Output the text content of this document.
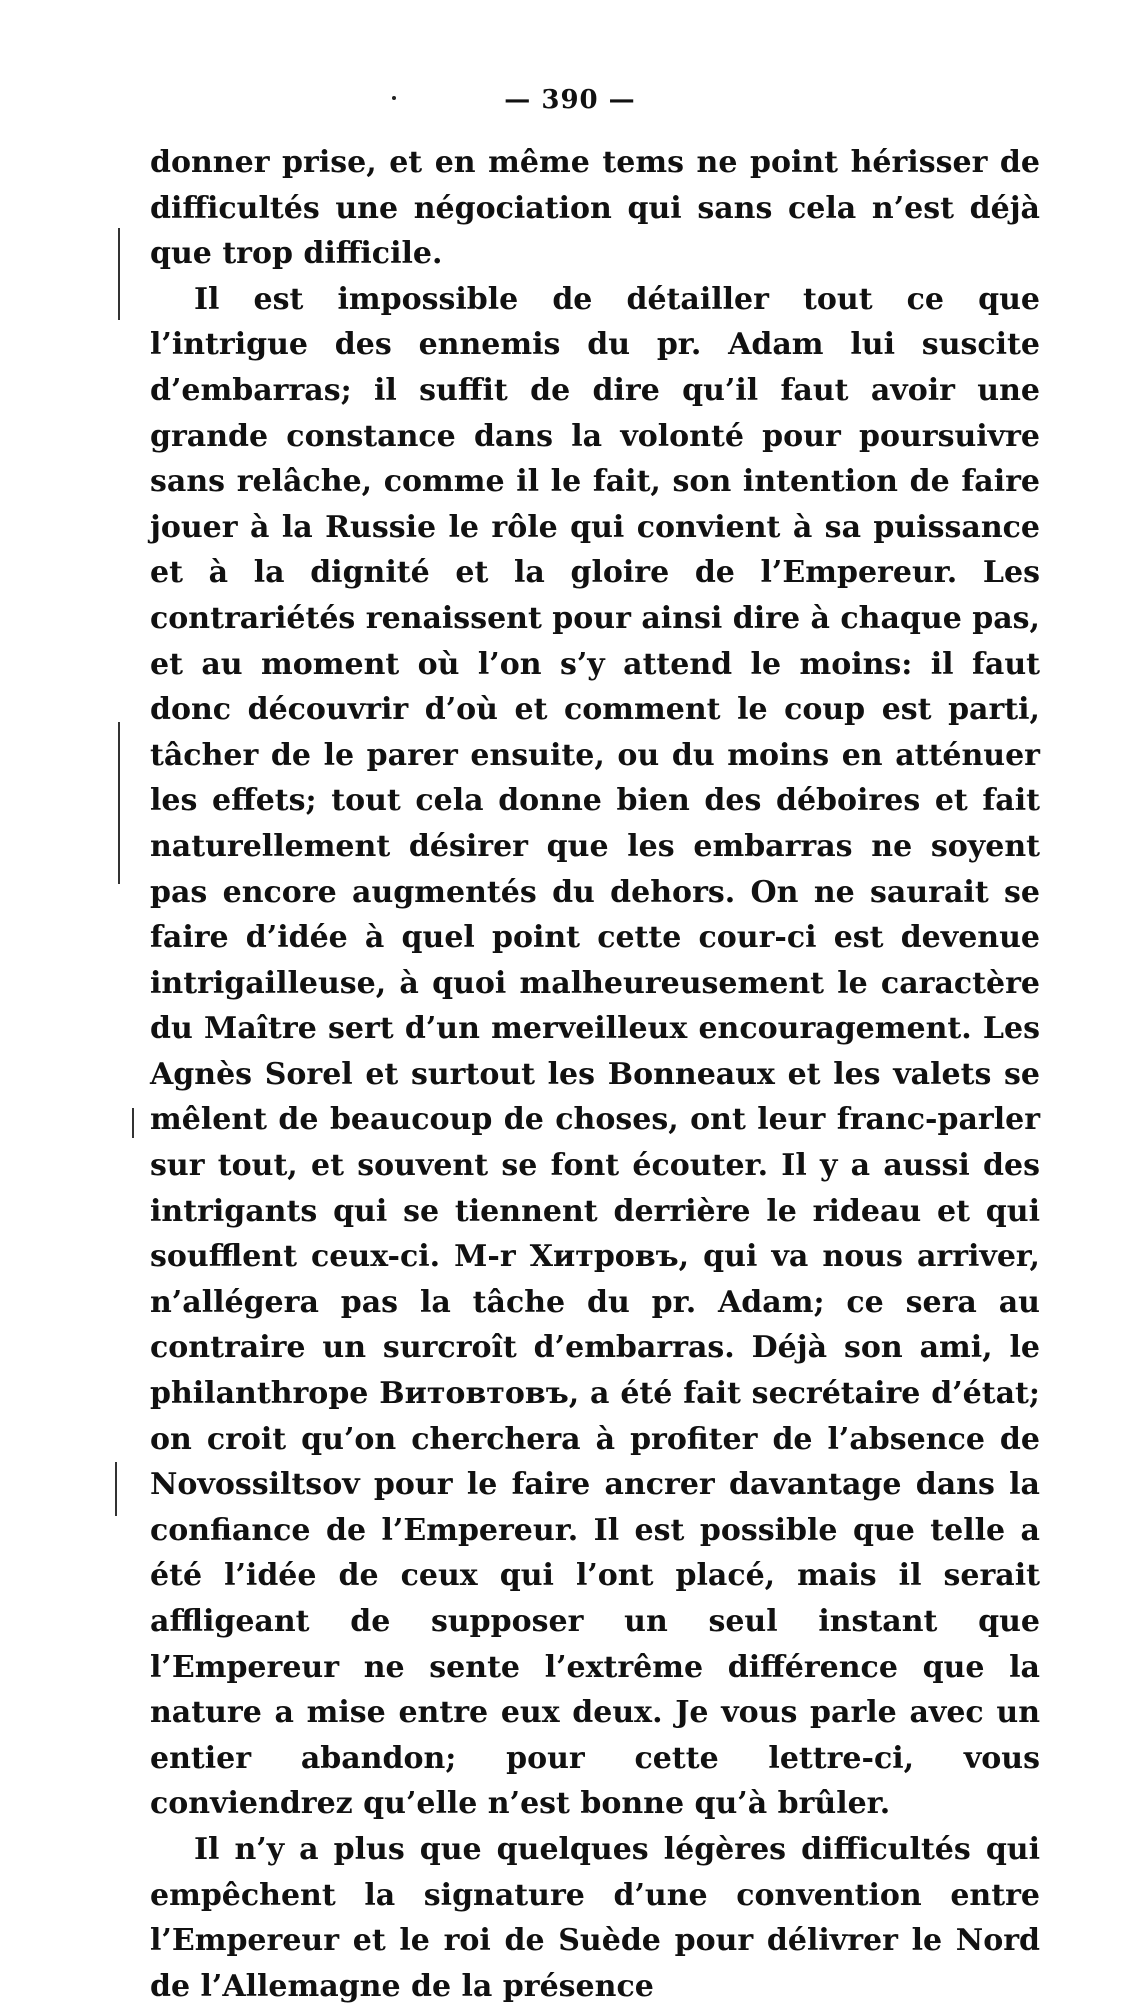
— 390 —

donner prise, et en même tems ne point hérisser de difficultés une négociation qui sans cela n’est déjà que trop difficile.

Il est impossible de détailler tout ce que l’intrigue des ennemis du pr. Adam lui suscite d’embarras; il suffit de dire qu’il faut avoir une grande constance dans la volonté pour poursuivre sans relâche, comme il le fait, son intention de faire jouer à la Russie le rôle qui convient à sa puissance et à la dignité et la gloire de l’Empereur. Les contrariétés renaissent pour ainsi dire à chaque pas, et au moment où l’on s’y attend le moins: il faut donc découvrir d’où et comment le coup est parti, tâcher de le parer ensuite, ou du moins en atténuer les effets; tout cela donne bien des déboires et fait naturellement désirer que les embarras ne soyent pas encore augmentés du dehors. On ne saurait se faire d’idée à quel point cette cour-ci est devenue intrigailleuse, à quoi malheureusement le caractère du Maître sert d’un merveilleux encouragement. Les Agnès Sorel et surtout les Bonneaux et les valets se mêlent de beaucoup de choses, ont leur franc-parler sur tout, et souvent se font écouter. Il y a aussi des intrigants qui se tiennent derrière le rideau et qui soufflent ceux-ci. M-r Хитровъ, qui va nous arriver, n’allégera pas la tâche du pr. Adam; ce sera au contraire un surcroît d’embarras. Déjà son ami, le philanthrope Витовтовъ, a été fait secrétaire d’état; on croit qu’on cherchera à profiter de l’absence de Novossiltsov pour le faire ancrer davantage dans la confiance de l’Empereur. Il est possible que telle a été l’idée de ceux qui l’ont placé, mais il serait affligeant de supposer un seul instant que l’Empereur ne sente l’extrême différence que la nature a mise entre eux deux. Je vous parle avec un entier abandon; pour cette lettre-ci, vous conviendrez qu’elle n’est bonne qu’à brûler.

Il n’y a plus que quelques légères difficultés qui empêchent la signature d’une convention entre l’Empereur et le roi de Suède pour délivrer le Nord de l’Allemagne de la présence
